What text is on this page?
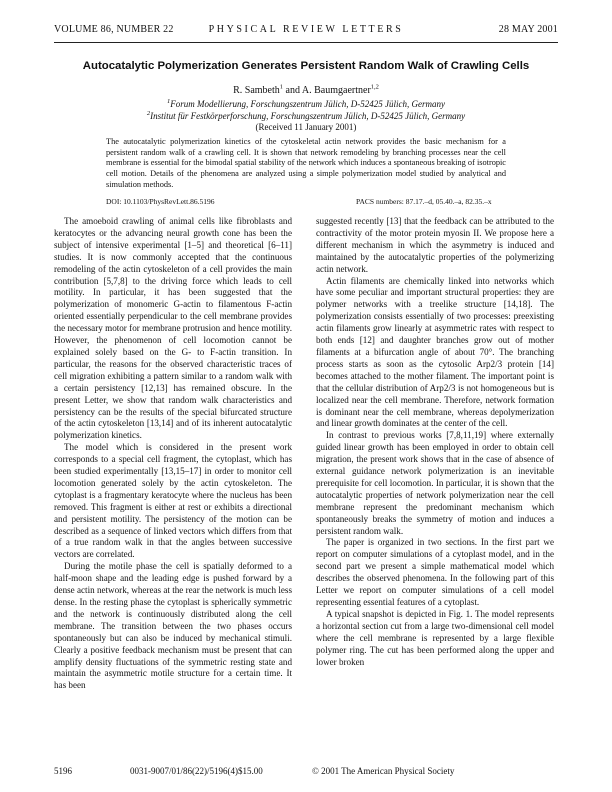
VOLUME 86, NUMBER 22	PHYSICAL REVIEW LETTERS	28 MAY 2001
Autocatalytic Polymerization Generates Persistent Random Walk of Crawling Cells
R. Sambeth$^1$ and A. Baumgaertner$^{1,2}$
$^1$Forum Modellierung, Forschungszentrum Jülich, D-52425 Jülich, Germany
$^2$Institut für Festkörperforschung, Forschungszentrum Jülich, D-52425 Jülich, Germany
(Received 11 January 2001)
The autocatalytic polymerization kinetics of the cytoskeletal actin network provides the basic mechanism for a persistent random walk of a crawling cell. It is shown that network remodeling by branching processes near the cell membrane is essential for the bimodal spatial stability of the network which induces a spontaneous breaking of isotropic cell motion. Details of the phenomena are analyzed using a simple polymerization model studied by analytical and simulation methods.
DOI: 10.1103/PhysRevLett.86.5196	PACS numbers: 87.17.–d, 05.40.–a, 82.35.–x

The amoeboid crawling of animal cells like fibroblasts and keratocytes or the advancing neural growth cone has been the subject of intensive experimental [1–5] and theoretical [6–11] studies. It is now commonly accepted that the continuous remodeling of the actin cytoskeleton of a cell provides the main contribution [5,7,8] to the driving force which leads to cell motility. In particular, it has been suggested that the polymerization of monomeric G-actin to filamentous F-actin oriented essentially perpendicular to the cell membrane provides the necessary motor for membrane protrusion and hence motility. However, the phenomenon of cell locomotion cannot be explained solely based on the G- to F-actin transition. In particular, the reasons for the observed characteristic traces of cell migration exhibiting a pattern similar to a random walk with a certain persistency [12,13] has remained obscure. In the present Letter, we show that random walk characteristics and persistency can be the results of the special bifurcated structure of the actin cytoskeleton [13,14] and of its inherent autocatalytic polymerization kinetics.

The model which is considered in the present work corresponds to a special cell fragment, the cytoplast, which has been studied experimentally [13,15–17] in order to monitor cell locomotion generated solely by the actin cytoskeleton. The cytoplast is a fragmentary keratocyte where the nucleus has been removed. This fragment is either at rest or exhibits a directional and persistent motility. The persistency of the motion can be described as a sequence of linked vectors which differs from that of a true random walk in that the angles between successive vectors are correlated.

During the motile phase the cell is spatially deformed to a half-moon shape and the leading edge is pushed forward by a dense actin network, whereas at the rear the network is much less dense. In the resting phase the cytoplast is spherically symmetric and the network is continuously distributed along the cell membrane. The transition between the two phases occurs spontaneously but can also be induced by mechanical stimuli. Clearly a positive feedback mechanism must be present that can amplify density fluctuations of the symmetric resting state and maintain the asymmetric motile structure for a certain time. It has been

suggested recently [13] that the feedback can be attributed to the contractivity of the motor protein myosin II. We propose here a different mechanism in which the asymmetry is induced and maintained by the autocatalytic properties of the polymerizing actin network.

Actin filaments are chemically linked into networks which have some peculiar and important structural properties: they are polymer networks with a treelike structure [14,18]. The polymerization consists essentially of two processes: preexisting actin filaments grow linearly at asymmetric rates with respect to both ends [12] and daughter branches grow out of mother filaments at a bifurcation angle of about 70°. The branching process starts as soon as the cytosolic Arp2/3 protein [14] becomes attached to the mother filament. The important point is that the cellular distribution of Arp2/3 is not homogeneous but is localized near the cell membrane. Therefore, network formation is dominant near the cell membrane, whereas depolymerization and linear growth dominates at the center of the cell.

In contrast to previous works [7,8,11,19] where externally guided linear growth has been employed in order to obtain cell migration, the present work shows that in the case of absence of external guidance network polymerization is an inevitable prerequisite for cell locomotion. In particular, it is shown that the autocatalytic properties of network polymerization near the cell membrane represent the predominant mechanism which spontaneously breaks the symmetry of motion and induces a persistent random walk.

The paper is organized in two sections. In the first part we report on computer simulations of a cytoplast model, and in the second part we present a simple mathematical model which describes the observed phenomena. In the following part of this Letter we report on computer simulations of a cell model representing essential features of a cytoplast.

A typical snapshot is depicted in Fig. 1. The model represents a horizontal section cut from a large two-dimensional cell model where the cell membrane is represented by a large flexible polymer ring. The cut has been performed along the upper and lower broken

5196	0031-9007/01/86(22)/5196(4)$15.00	© 2001 The American Physical Society
